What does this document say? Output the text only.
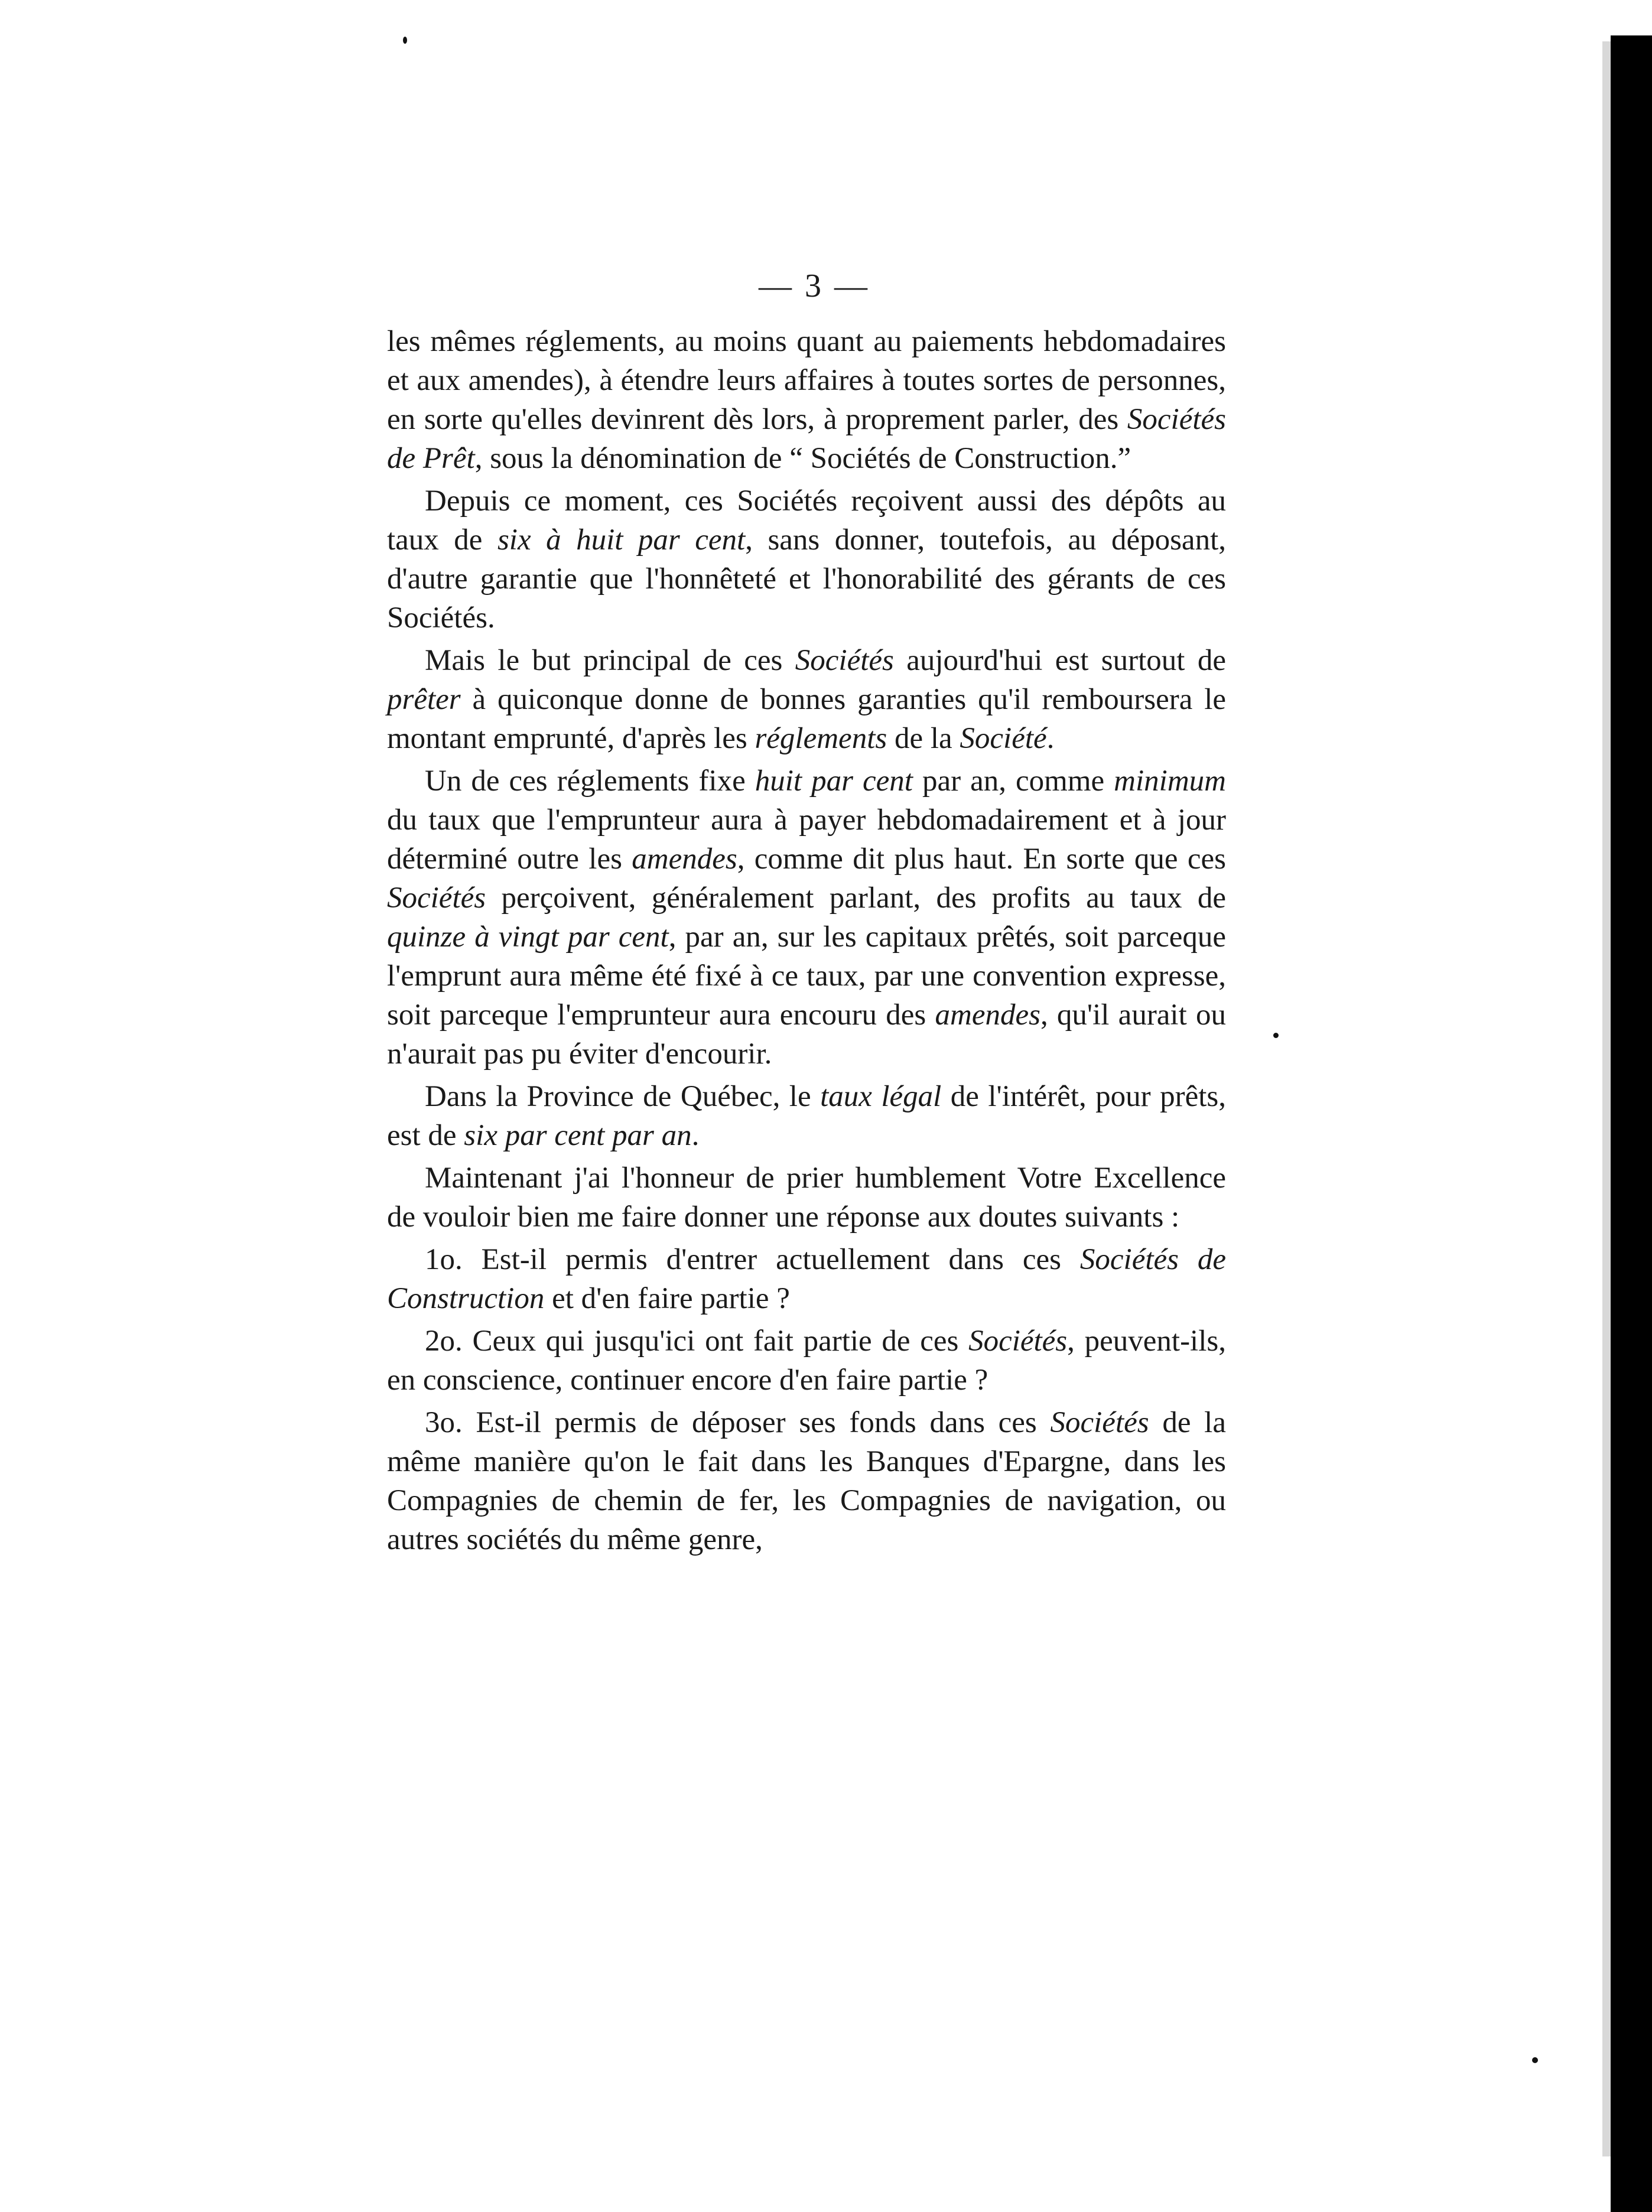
— 3 —

les mêmes réglements, au moins quant au paiements hebdomadaires et aux amendes), à étendre leurs affaires à toutes sortes de personnes, en sorte qu'elles devinrent dès lors, à proprement parler, des Sociétés de Prêt, sous la dénomination de “ Sociétés de Construction.”

Depuis ce moment, ces Sociétés reçoivent aussi des dépôts au taux de six à huit par cent, sans donner, toutefois, au déposant, d'autre garantie que l'honnêteté et l'honorabilité des gérants de ces Sociétés.

Mais le but principal de ces Sociétés aujourd'hui est surtout de prêter à quiconque donne de bonnes garanties qu'il remboursera le montant emprunté, d'après les réglements de la Société.

Un de ces réglements fixe huit par cent par an, comme minimum du taux que l'emprunteur aura à payer hebdomadairement et à jour déterminé outre les amendes, comme dit plus haut. En sorte que ces Sociétés perçoivent, généralement parlant, des profits au taux de quinze à vingt par cent, par an, sur les capitaux prêtés, soit parceque l'emprunt aura même été fixé à ce taux, par une convention expresse, soit parceque l'emprunteur aura encouru des amendes, qu'il aurait ou n'aurait pas pu éviter d'encourir.

Dans la Province de Québec, le taux légal de l'intérêt, pour prêts, est de six par cent par an.

Maintenant j'ai l'honneur de prier humblement Votre Excellence de vouloir bien me faire donner une réponse aux doutes suivants :

1o. Est-il permis d'entrer actuellement dans ces Sociétés de Construction et d'en faire partie ?

2o. Ceux qui jusqu'ici ont fait partie de ces Sociétés, peuvent-ils, en conscience, continuer encore d'en faire partie ?

3o. Est-il permis de déposer ses fonds dans ces Sociétés de la même manière qu'on le fait dans les Banques d'Epargne, dans les Compagnies de chemin de fer, les Compagnies de navigation, ou autres sociétés du même genre,
